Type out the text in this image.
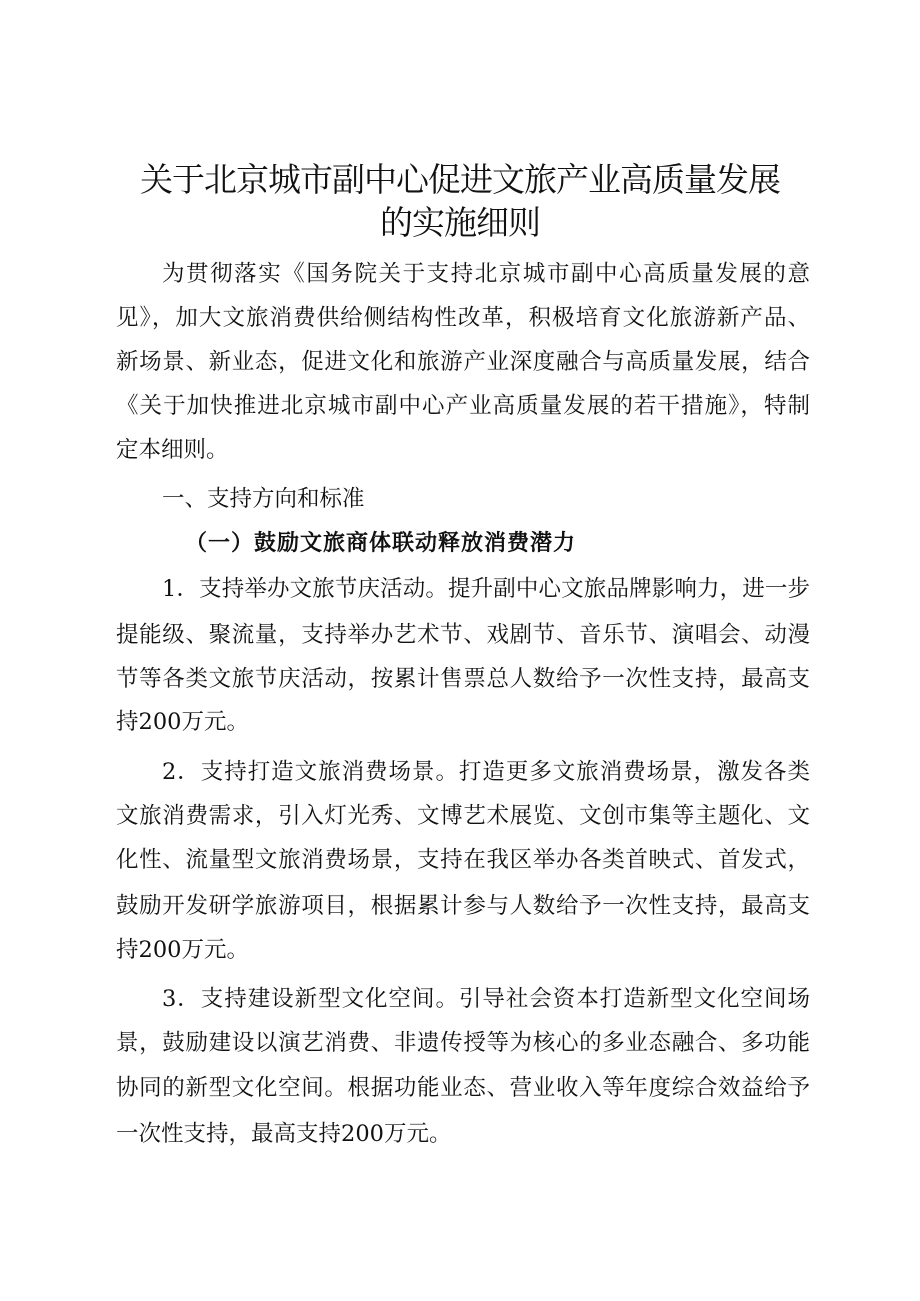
关于北京城市副中心促进文旅产业高质量发展
的实施细则
为贯彻落实《国务院关于支持北京城市副中心高质量发展的意
见》，加大文旅消费供给侧结构性改革，积极培育文化旅游新产品、
新场景、新业态，促进文化和旅游产业深度融合与高质量发展，结合
《关于加快推进北京城市副中心产业高质量发展的若干措施》，特制
定本细则。
一、支持方向和标准
（一）鼓励文旅商体联动释放消费潜力
1．支持举办文旅节庆活动。提升副中心文旅品牌影响力，进一步
提能级、聚流量，支持举办艺术节、戏剧节、音乐节、演唱会、动漫
节等各类文旅节庆活动，按累计售票总人数给予一次性支持，最高支
持200万元。
2．支持打造文旅消费场景。打造更多文旅消费场景，激发各类
文旅消费需求，引入灯光秀、文博艺术展览、文创市集等主题化、文
化性、流量型文旅消费场景，支持在我区举办各类首映式、首发式，
鼓励开发研学旅游项目，根据累计参与人数给予一次性支持，最高支
持200万元。
3．支持建设新型文化空间。引导社会资本打造新型文化空间场
景，鼓励建设以演艺消费、非遗传授等为核心的多业态融合、多功能
协同的新型文化空间。根据功能业态、营业收入等年度综合效益给予
一次性支持，最高支持200万元。
